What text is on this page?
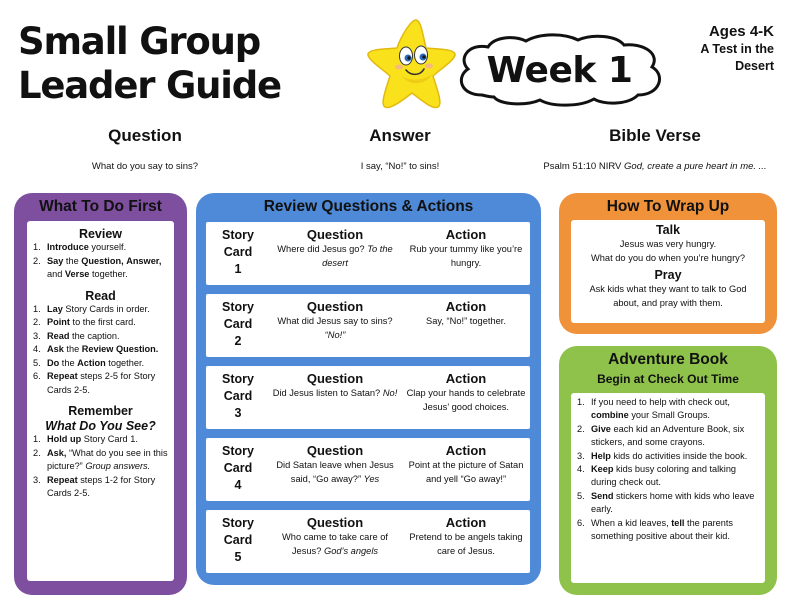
Small Group
Leader Guide	Week 1
Ages 4-K
A Test in the
Desert
Question
What do you say to sins?
Answer
I say, “No!” to sins!
Bible Verse
Psalm 51:10 NIRV God, create a pure heart in me. ...
What To Do First
Review
1. Introduce yourself.
2. Say the Question, Answer, and Verse together.
Read
1. Lay Story Cards in order.
2. Point to the first card.
3. Read the caption.
4. Ask the Review Question.
5. Do the Action together.
6. Repeat steps 2-5 for Story Cards 2-5.
Remember
What Do You See?
1. Hold up Story Card 1.
2. Ask, “What do you see in this picture?” Group answers.
3. Repeat steps 1-2 for Story Cards 2-5.
Review Questions & Actions
Story
Card
1
Question
Where did Jesus go? To the desert
Action
Rub your tummy like you’re hungry.
Story
Card
2
Question
What did Jesus say to sins? “No!”
Action
Say, “No!” together.
Story
Card
3
Question
Did Jesus listen to Satan? No!
Action
Clap your hands to celebrate Jesus’ good choices.
Story
Card
4
Question
Did Satan leave when Jesus said, “Go away?” Yes
Action
Point at the picture of Satan and yell “Go away!”
Story
Card
5
Question
Who came to take care of Jesus? God’s angels
Action
Pretend to be angels taking care of Jesus.
How To Wrap Up
Talk
Jesus was very hungry.
What do you do when you’re hungry?
Pray
Ask kids what they want to talk to God about, and pray with them.
Adventure Book
Begin at Check Out Time
1. If you need to help with check out, combine your Small Groups.
2. Give each kid an Adventure Book, six stickers, and some crayons.
3. Help kids do activities inside the book.
4. Keep kids busy coloring and talking during check out.
5. Send stickers home with kids who leave early.
6. When a kid leaves, tell the parents something positive about their kid.
